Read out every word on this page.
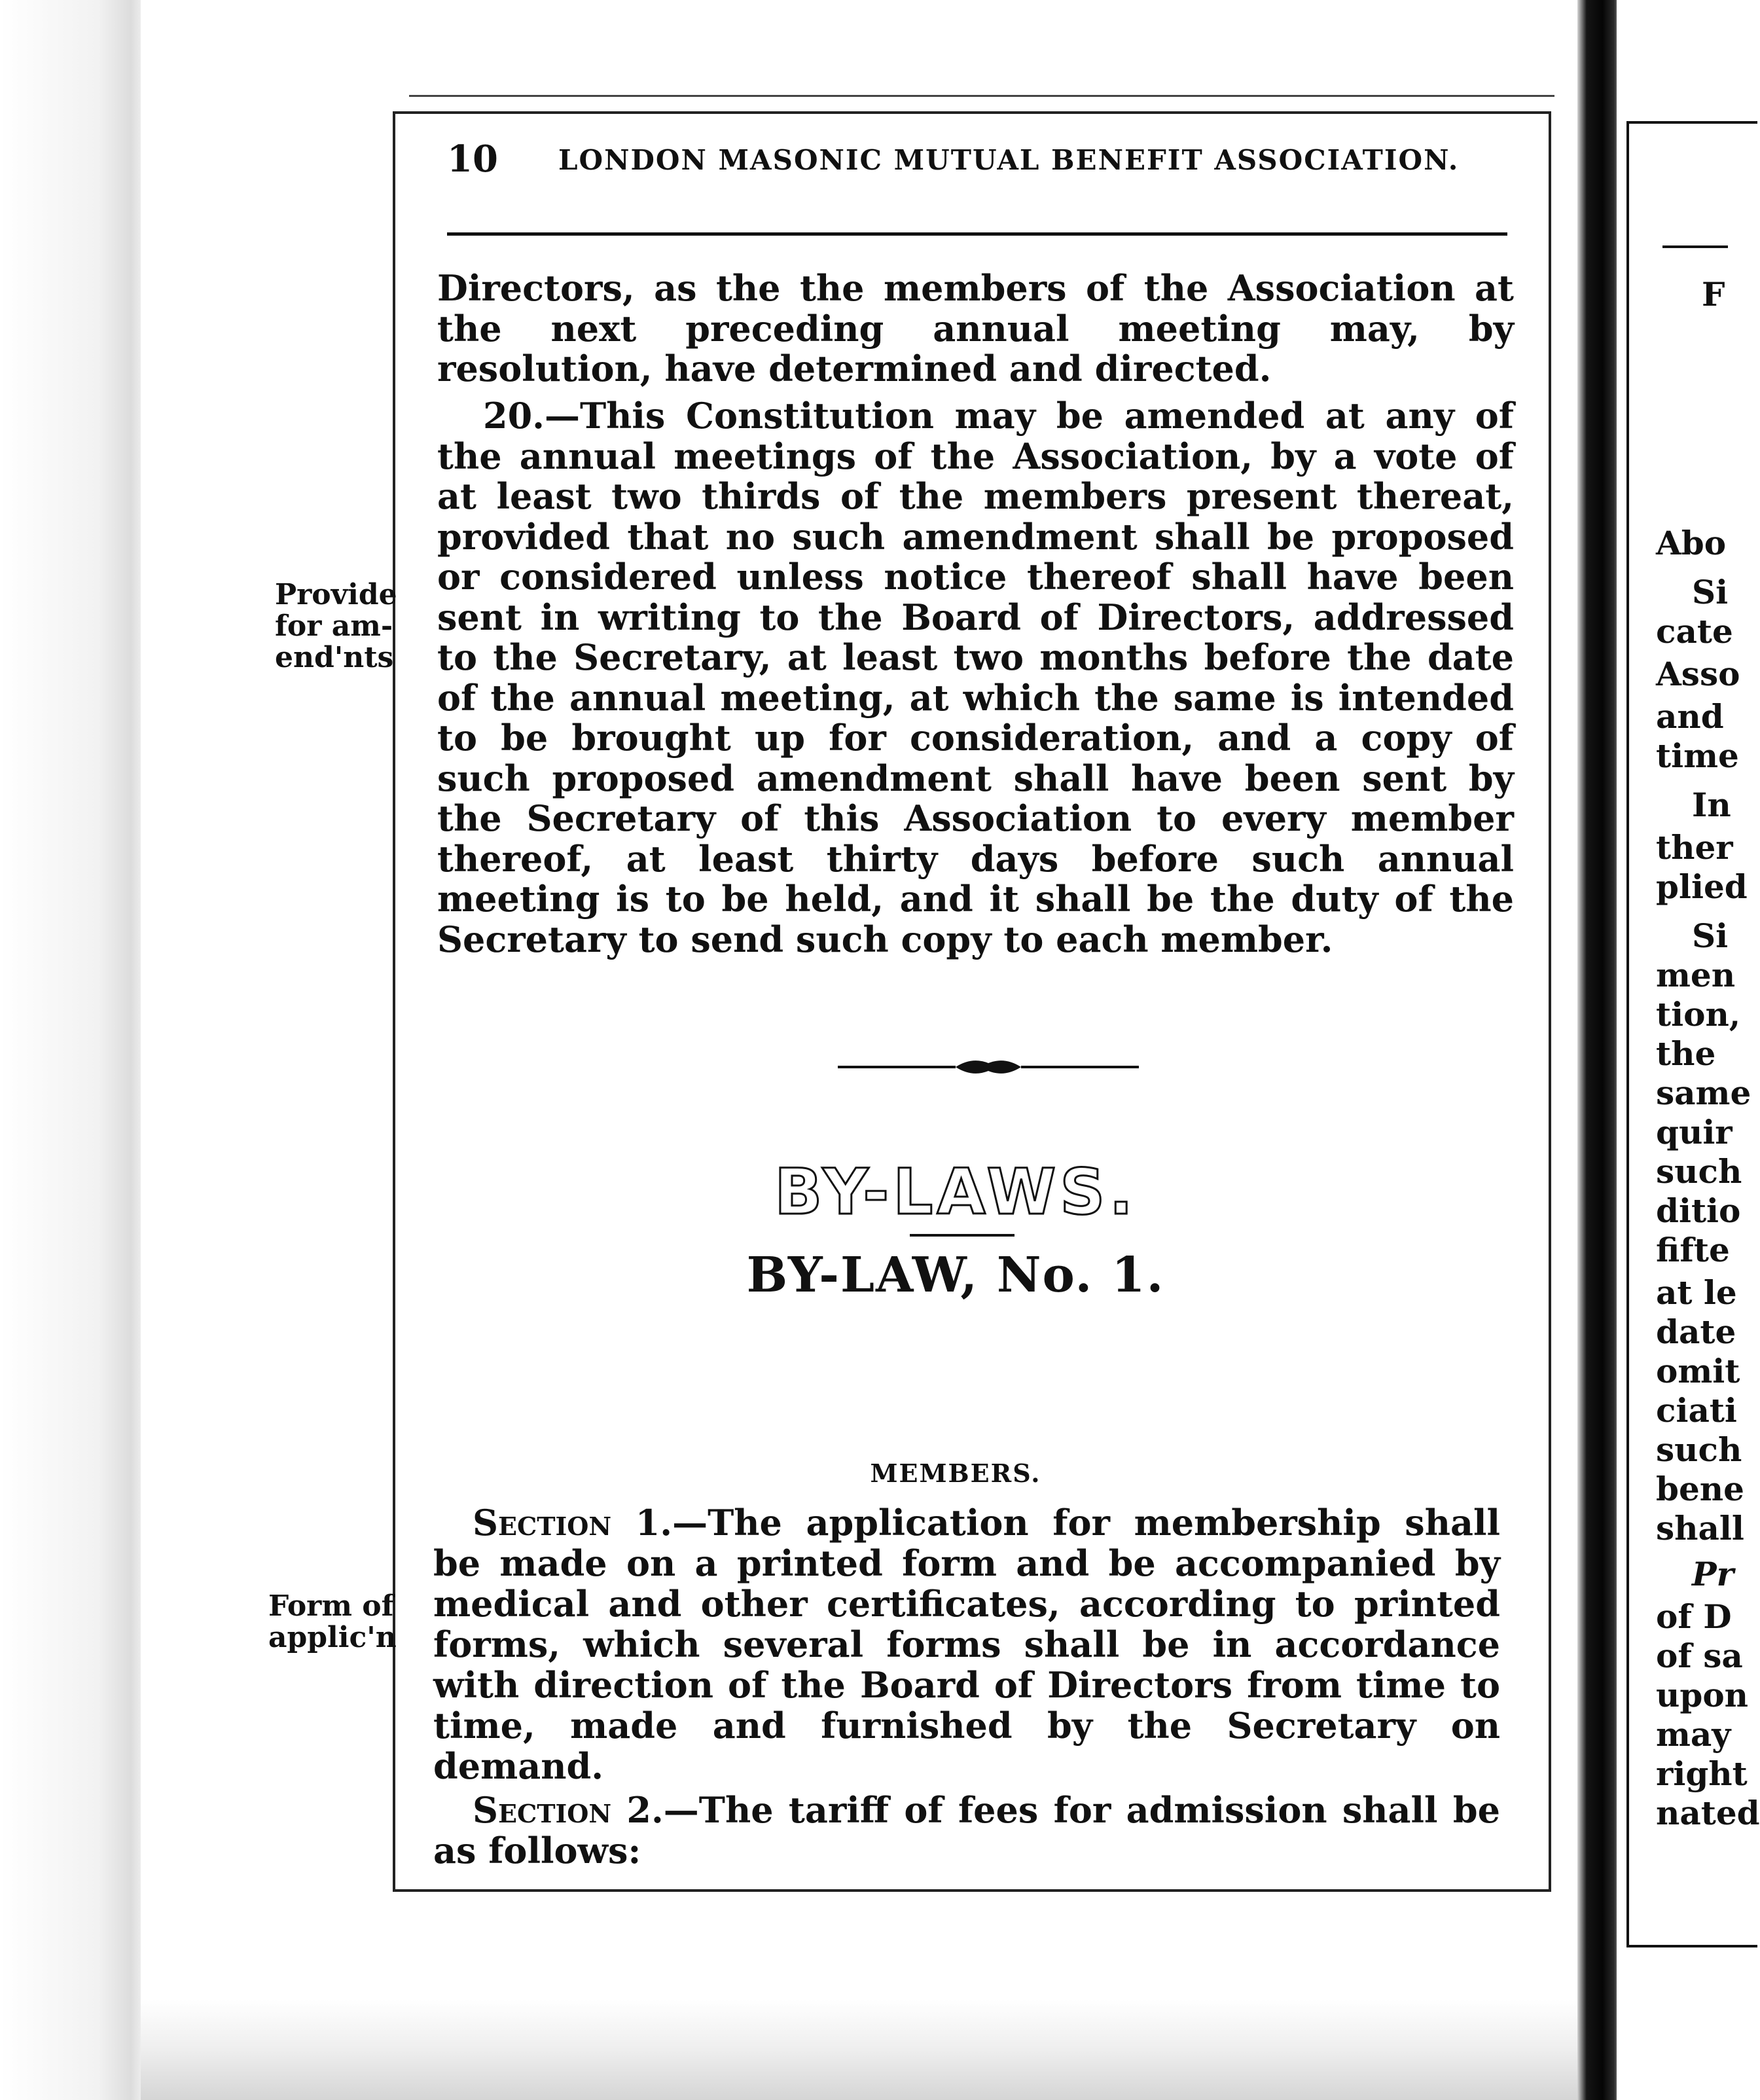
10 LONDON MASONIC MUTUAL BENEFIT ASSOCIATION.

Directors, as the the members of the Association at the next preceding annual meeting may, by resolution, have determined and directed.

20.—This Constitution may be amended at any of the annual meetings of the Association, by a vote of at least two thirds of the members present thereat, provided that no such amendment shall be proposed or considered unless notice thereof shall have been sent in writing to the Board of Directors, addressed to the Secretary, at least two months before the date of the annual meeting, at which the same is intended to be brought up for consideration, and a copy of such proposed amendment shall have been sent by the Secretary of this Association to every member thereof, at least thirty days before such annual meeting is to be held, and it shall be the duty of the Secretary to send such copy to each member.

Provide
for am-
end'nts
BY-LAWS.
BY-LAW, No. 1.
MEMBERS.

Section 1.—The application for membership shall be made on a printed form and be accompanied by medical and other certificates, according to printed forms, which several forms shall be in accordance with direction of the Board of Directors from time to time, made and furnished by the Secretary on demand.

Form of
applic'n

Section 2.—The tariff of fees for admission shall be as follows:

F
Abo
Si
cate
Asso
and
time
In
ther
plied
Si
men
tion,
the
same
quir
such
ditio
fifte
at le
date
omit
ciati
such
bene
shall
Pr
of D
of sa
upon
may
right
nated
